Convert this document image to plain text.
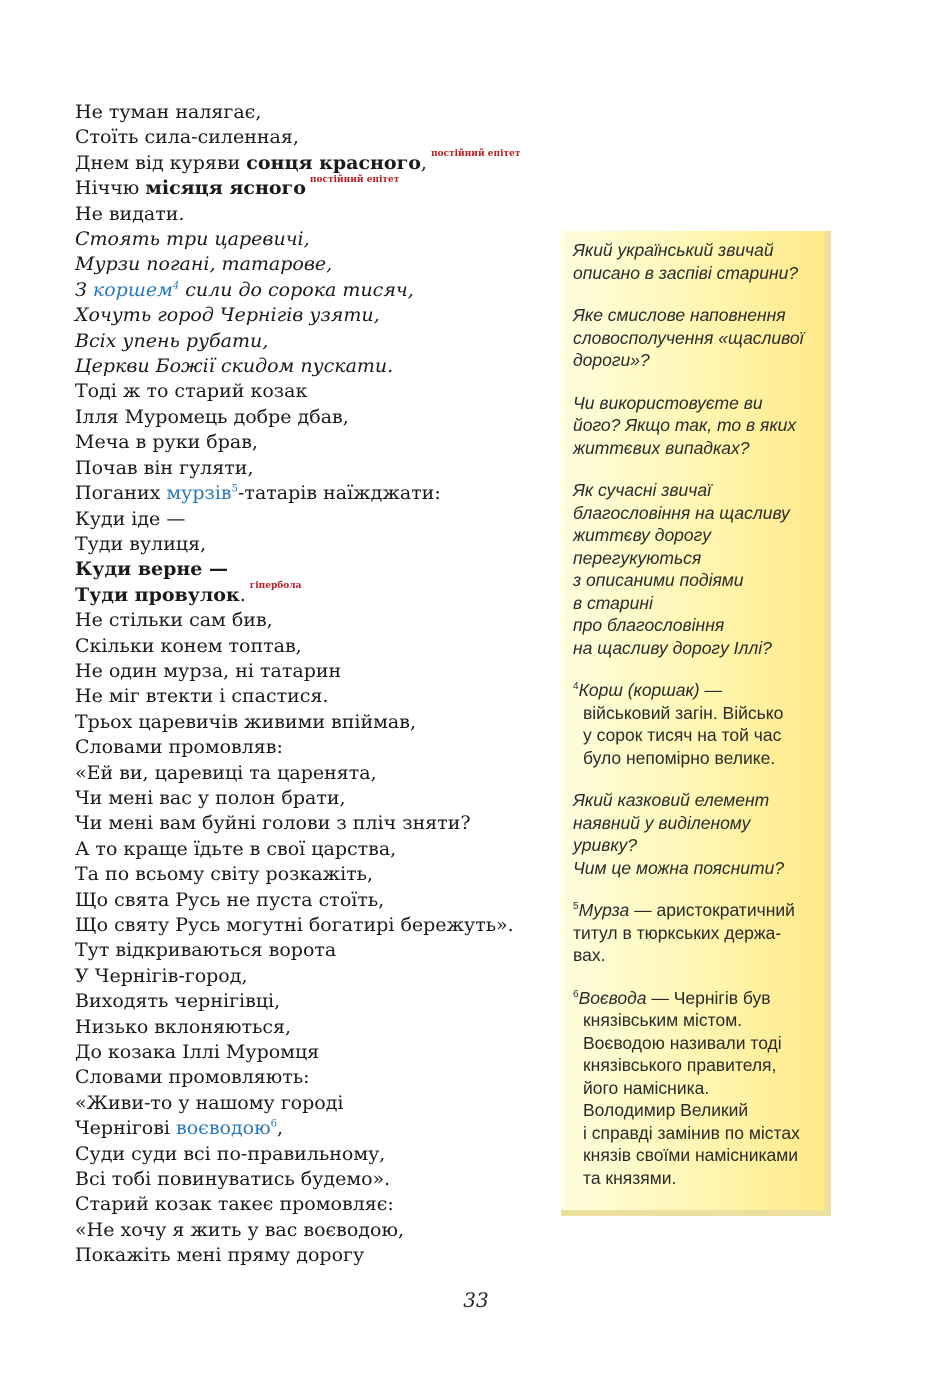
Не туман налягає,
Стоїть сила-силенная,
Днем від куряви сонця красного, $^{постійний епітет}$
Нiччю місяця ясного $^{постійний епітет}$
Не видати.
Стоять три царевичі,
Мурзи погані, татарове,
З коршем$^4$ сили до сорока тисяч,
Хочуть город Чернігів узяти,
Всіх упень рубати,
Церкви Божії скидом пускати.
Тоді ж то старий козак
Ілля Муромець добре дбав,
Меча в руки брав,
Почав він гуляти,
Поганих мурзів$^5$-татарів наїжджати:
Куди іде —
Туди вулиця,
Куди верне —
Туди провулок. $^{гіпербола}$
Не стільки сам бив,
Скільки конем топтав,
Не один мурза, ні татарин
Не міг втекти і спастися.
Трьох царевичів живими впіймав,
Словами промовляв:
«Ей ви, царевиці та царенята,
Чи мені вас у полон брати,
Чи мені вам буйні голови з пліч зняти?
А то краще їдьте в свої царства,
Та по всьому світу розкажіть,
Що свята Русь не пуста стоїть,
Що святу Русь могутні богатирі бережуть».
Тут відкриваються ворота
У Чернігів-город,
Виходять чернігівці,
Низько вклоняються,
До козака Іллі Муромця
Словами промовляють:
«Живи-то у нашому городі
Чернігові воєводою$^6$,
Суди суди всі по-правильному,
Всі тобі повинуватись будемо».
Старий козак такеє промовляє:
«Не хочу я жить у вас воєводою,
Покажіть мені пряму дорогу
Який український звичай
описано в заспіві старини?
Яке смислове наповнення
словосполучення «щасливої
дороги»?
Чи використовуєте ви
його? Якщо так, то в яких
життєвих випадках?
Як сучасні звичаї
благословіння на щасливу
життєву дорогу
перегукуються
з описаними подіями
в старині
про благословіння
на щасливу дорогу Іллі?
$^4$Корш (коршак) —
військовий загін. Військо
у сорок тисяч на той час
було непомірно велике.
Який казковий елемент
наявний у виділеному
уривку?
Чим це можна пояснити?
$^5$Мурза — аристократичний
титул в тюркських держа-
вах.
$^6$Воєвода — Чернігів був
князівським містом.
Воєводою називали тоді
князівського правителя,
його намісника.
Володимир Великий
і справді замінив по містах
князів своїми намісниками
та князями.
33
